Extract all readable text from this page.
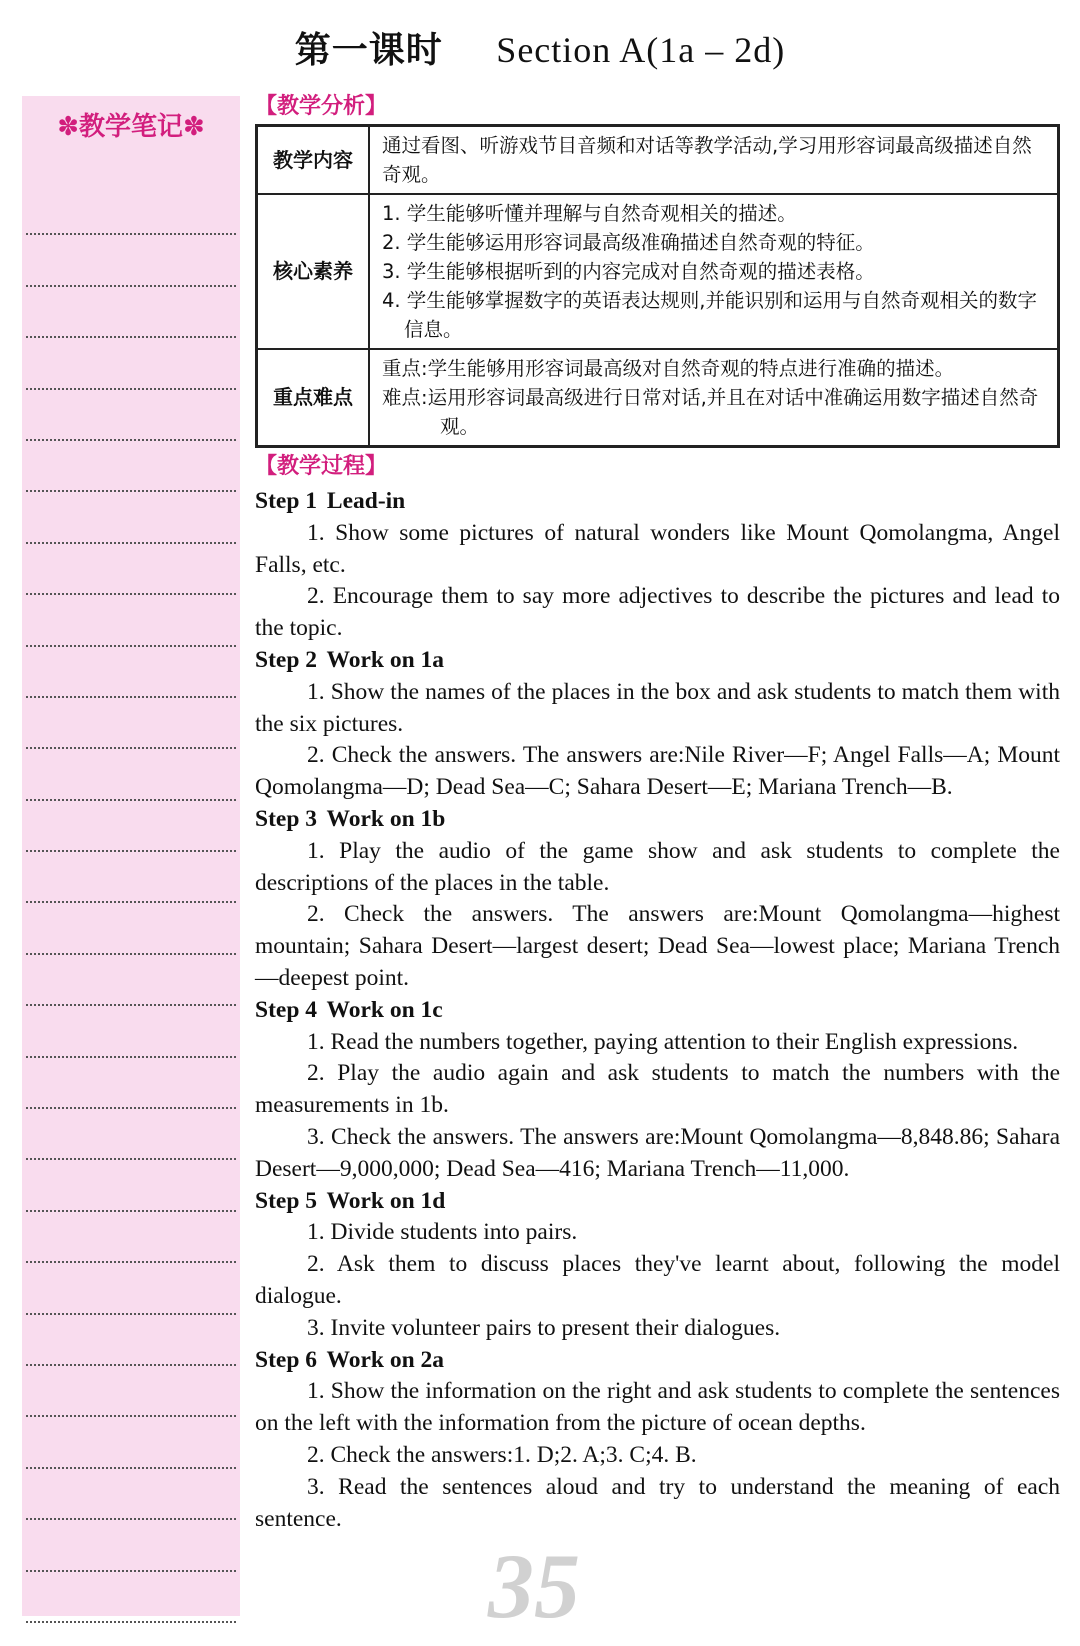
第一课时 Section A(1a – 2d)
✽教学笔记✽
【教学分析】
教学内容	通过看图、听游戏节目音频和对话等教学活动,学习用形容词最高级描述自然奇观。

核心素养	1. 学生能够听懂并理解与自然奇观相关的描述。
2. 学生能够运用形容词最高级准确描述自然奇观的特征。
3. 学生能够根据听到的内容完成对自然奇观的描述表格。
4. 学生能够掌握数字的英语表达规则,并能识别和运用与自然奇观相关的数字信息。

重点难点	重点:学生能够用形容词最高级对自然奇观的特点进行准确的描述。
难点:运用形容词最高级进行日常对话,并且在对话中准确运用数字描述自然奇观。
【教学过程】
Step 1 Lead-in
1. Show some pictures of natural wonders like Mount Qomolangma, Angel Falls, etc.
2. Encourage them to say more adjectives to describe the pictures and lead to the topic.
Step 2 Work on 1a
1. Show the names of the places in the box and ask students to match them with the six pictures.
2. Check the answers. The answers are:Nile River—F; Angel Falls—A; Mount Qomolangma—D; Dead Sea—C; Sahara Desert—E; Mariana Trench—B.
Step 3 Work on 1b
1. Play the audio of the game show and ask students to complete the descriptions of the places in the table.
2. Check the answers. The answers are:Mount Qomolangma—highest mountain; Sahara Desert—largest desert; Dead Sea—lowest place; Mariana Trench—deepest point.
Step 4 Work on 1c
1. Read the numbers together, paying attention to their English expressions.
2. Play the audio again and ask students to match the numbers with the measurements in 1b.
3. Check the answers. The answers are:Mount Qomolangma—8,848.86; Sahara Desert—9,000,000; Dead Sea—416; Mariana Trench—11,000.
Step 5 Work on 1d
1. Divide students into pairs.
2. Ask them to discuss places they've learnt about, following the model dialogue.
3. Invite volunteer pairs to present their dialogues.
Step 6 Work on 2a
1. Show the information on the right and ask students to complete the sentences on the left with the information from the picture of ocean depths.
2. Check the answers:1. D;2. A;3. C;4. B.
3. Read the sentences aloud and try to understand the meaning of each sentence.
35
